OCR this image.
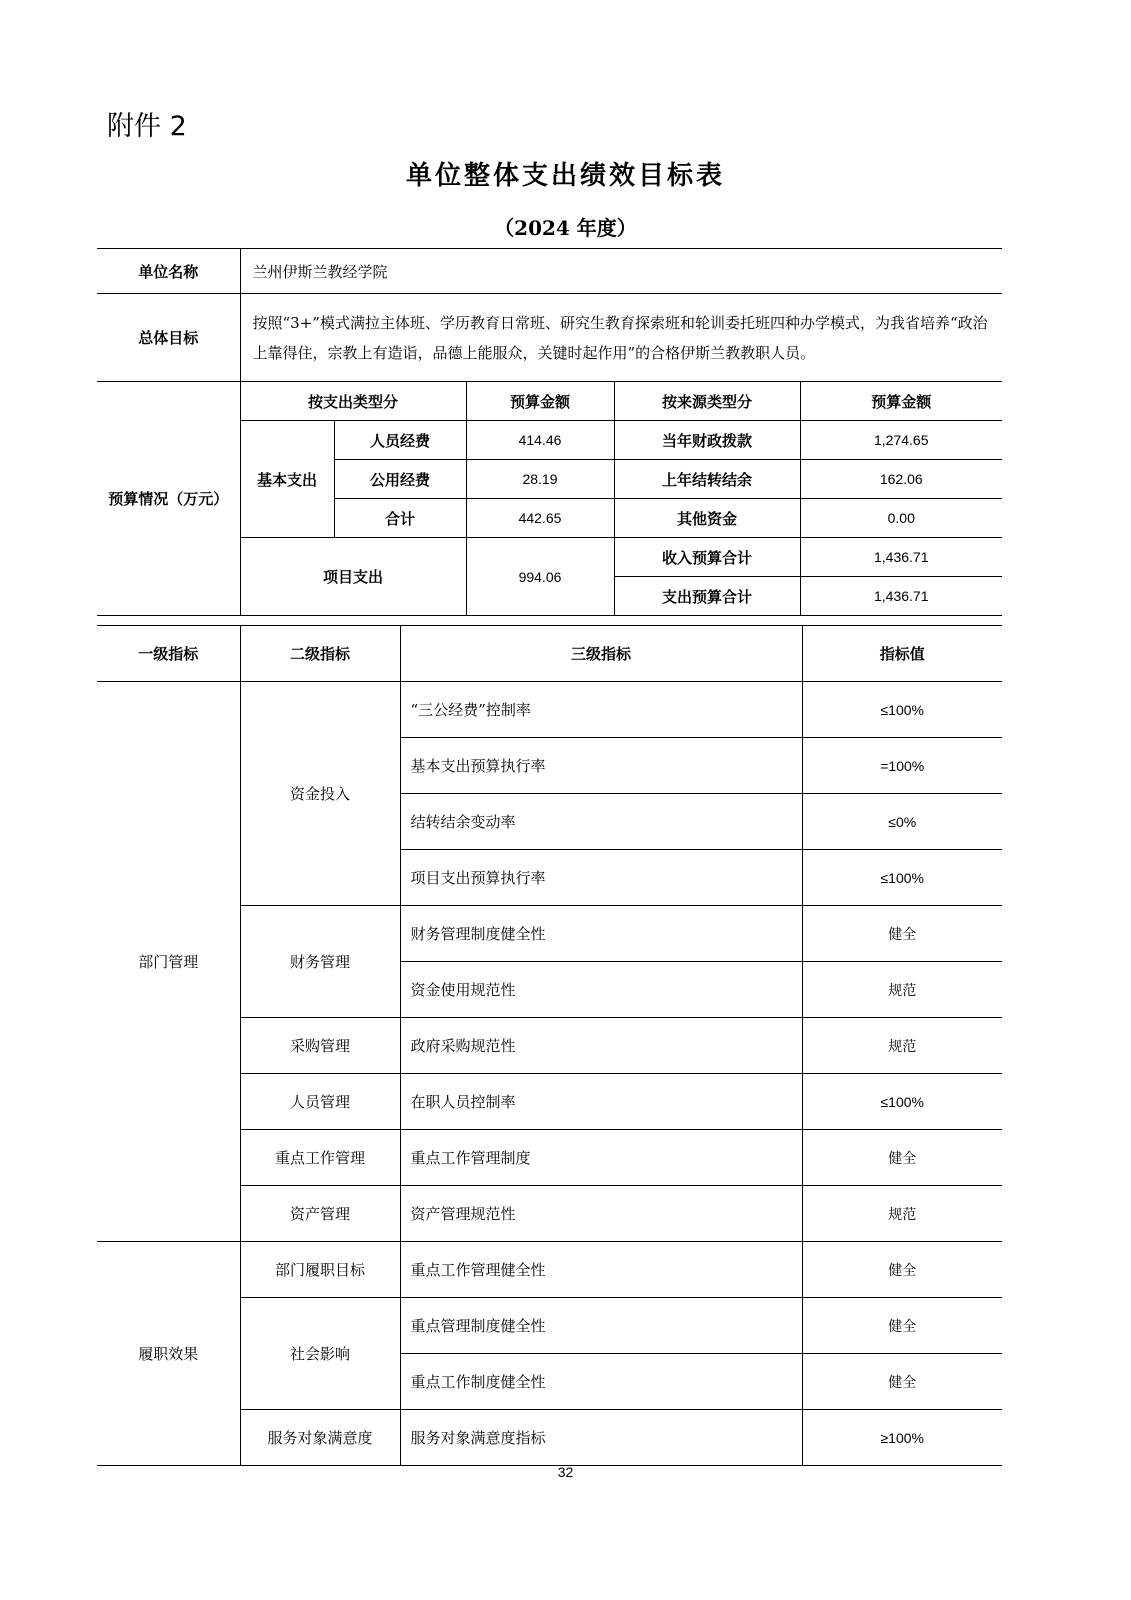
附件 2
单位整体支出绩效目标表
（2024 年度）
单位名称	兰州伊斯兰教经学院				
总体目标	按照“3+”模式满拉主体班、学历教育日常班、研究生教育探索班和轮训委托班四种办学模式，为我省培养“政治上靠得住，宗教上有造诣，品德上能服众，关键时起作用”的合格伊斯兰教教职人员。				
预算情况（万元）	按支出类型分		预算金额	按来源类型分	预算金额
	基本支出	人员经费	414.46	当年财政拨款	1,274.65
		公用经费	28.19	上年结转结余	162.06
		合计	442.65	其他资金	0.00
	项目支出		994.06	收入预算合计	1,436.71
				支出预算合计	1,436.71
一级指标	二级指标	三级指标	指标值
部门管理	资金投入	“三公经费”控制率	≤100%
		基本支出预算执行率	=100%
		结转结余变动率	≤0%
		项目支出预算执行率	≤100%
	财务管理	财务管理制度健全性	健全
		资金使用规范性	规范
	采购管理	政府采购规范性	规范
	人员管理	在职人员控制率	≤100%
	重点工作管理	重点工作管理制度	健全
	资产管理	资产管理规范性	规范
履职效果	部门履职目标	重点工作管理健全性	健全
	社会影响	重点管理制度健全性	健全
		重点工作制度健全性	健全
	服务对象满意度	服务对象满意度指标	≥100%
32
